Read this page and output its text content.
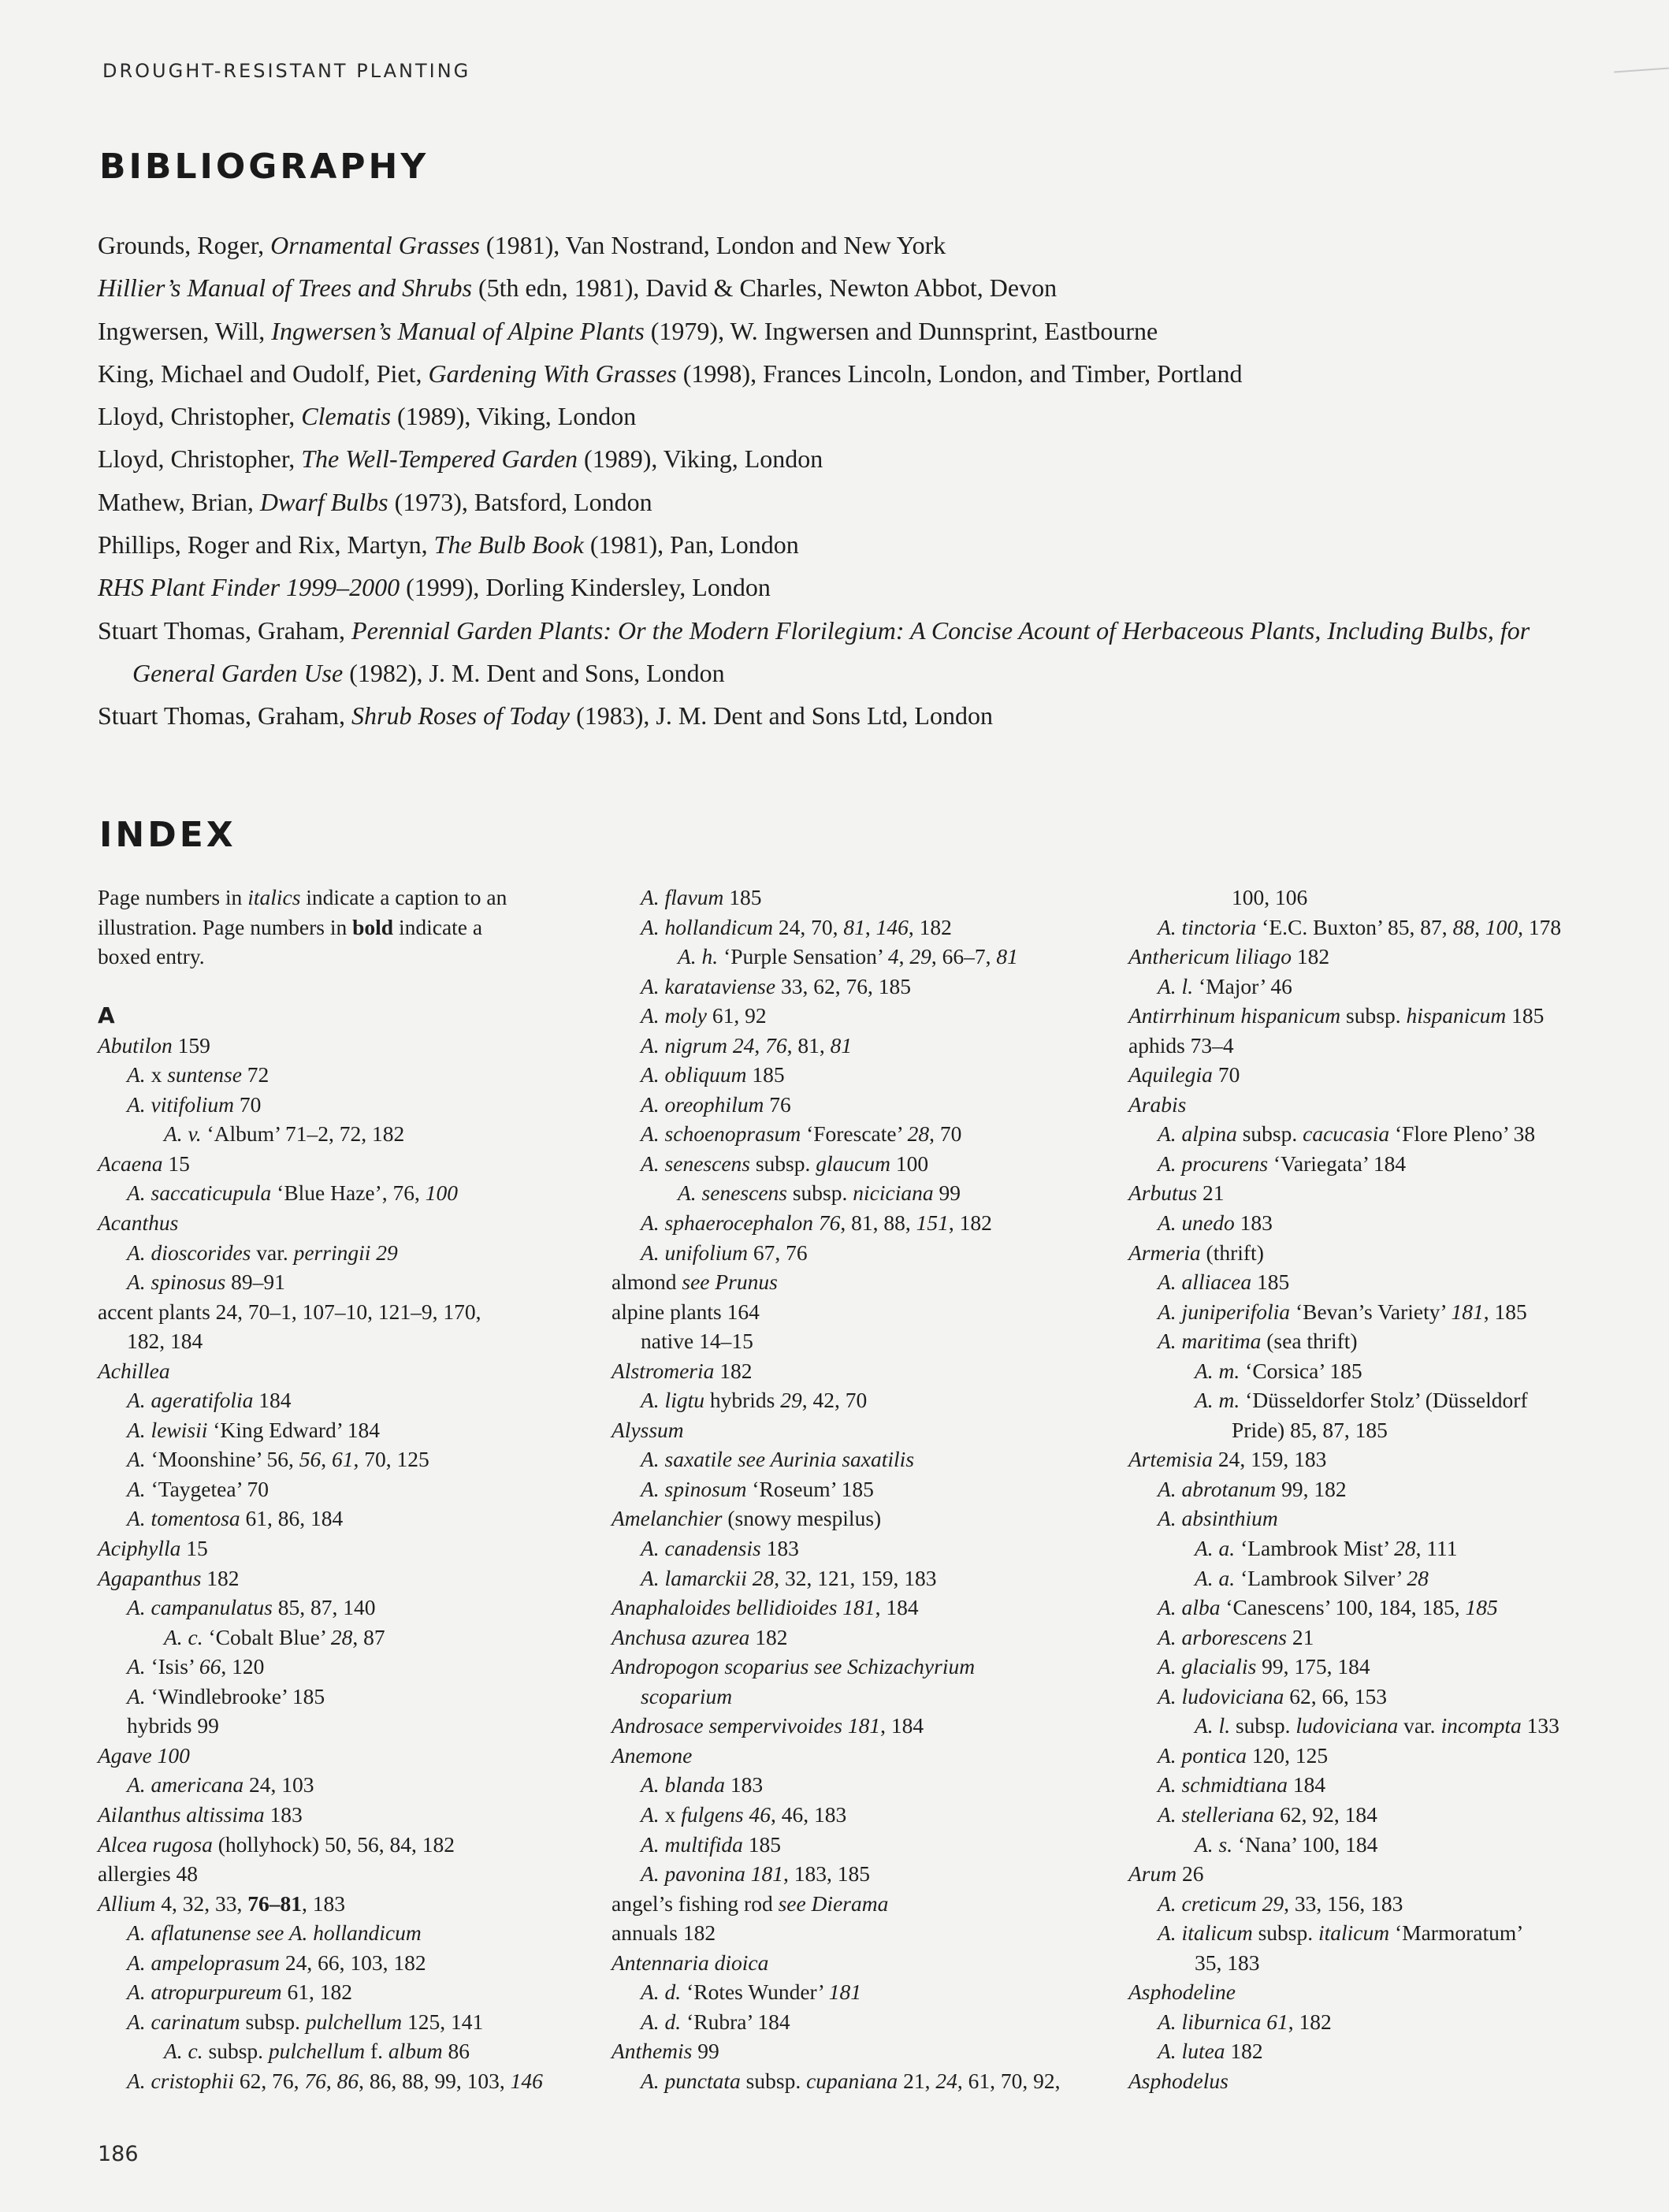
DROUGHT-RESISTANT PLANTING
BIBLIOGRAPHY

Grounds, Roger, Ornamental Grasses (1981), Van Nostrand, London and New York

Hillier’s Manual of Trees and Shrubs (5th edn, 1981), David & Charles, Newton Abbot, Devon

Ingwersen, Will, Ingwersen’s Manual of Alpine Plants (1979), W. Ingwersen and Dunnsprint, Eastbourne

King, Michael and Oudolf, Piet, Gardening With Grasses (1998), Frances Lincoln, London, and Timber, Portland

Lloyd, Christopher, Clematis (1989), Viking, London

Lloyd, Christopher, The Well-Tempered Garden (1989), Viking, London

Mathew, Brian, Dwarf Bulbs (1973), Batsford, London

Phillips, Roger and Rix, Martyn, The Bulb Book (1981), Pan, London

RHS Plant Finder 1999–2000 (1999), Dorling Kindersley, London

Stuart Thomas, Graham, Perennial Garden Plants: Or the Modern Florilegium: A Concise Acount of Herbaceous Plants, Including Bulbs, for General Garden Use (1982), J. M. Dent and Sons, London

Stuart Thomas, Graham, Shrub Roses of Today (1983), J. M. Dent and Sons Ltd, London

INDEX
Page numbers in italics indicate a caption to an
illustration. Page numbers in bold indicate a
boxed entry.
A
Abutilon 159
A. x suntense 72
A. vitifolium 70
A. v. ‘Album’ 71–2, 72, 182
Acaena 15
A. saccaticupula ‘Blue Haze’, 76, 100
Acanthus
A. dioscorides var. perringii 29
A. spinosus 89–91
accent plants 24, 70–1, 107–10, 121–9, 170,
182, 184
Achillea
A. ageratifolia 184
A. lewisii ‘King Edward’ 184
A. ‘Moonshine’ 56, 56, 61, 70, 125
A. ‘Taygetea’ 70
A. tomentosa 61, 86, 184
Aciphylla 15
Agapanthus 182
A. campanulatus 85, 87, 140
A. c. ‘Cobalt Blue’ 28, 87
A. ‘Isis’ 66, 120
A. ‘Windlebrooke’ 185
hybrids 99
Agave 100
A. americana 24, 103
Ailanthus altissima 183
Alcea rugosa (hollyhock) 50, 56, 84, 182
allergies 48
Allium 4, 32, 33, 76–81, 183
A. aflatunense see A. hollandicum
A. ampeloprasum 24, 66, 103, 182
A. atropurpureum 61, 182
A. carinatum subsp. pulchellum 125, 141
A. c. subsp. pulchellum f. album 86
A. cristophii 62, 76, 76, 86, 86, 88, 99, 103, 146
A. flavum 185
A. hollandicum 24, 70, 81, 146, 182
A. h. ‘Purple Sensation’ 4, 29, 66–7, 81
A. karataviense 33, 62, 76, 185
A. moly 61, 92
A. nigrum 24, 76, 81, 81
A. obliquum 185
A. oreophilum 76
A. schoenoprasum ‘Forescate’ 28, 70
A. senescens subsp. glaucum 100
A. senescens subsp. niciciana 99
A. sphaerocephalon 76, 81, 88, 151, 182
A. unifolium 67, 76
almond see Prunus
alpine plants 164
native 14–15
Alstromeria 182
A. ligtu hybrids 29, 42, 70
Alyssum
A. saxatile see Aurinia saxatilis
A. spinosum ‘Roseum’ 185
Amelanchier (snowy mespilus)
A. canadensis 183
A. lamarckii 28, 32, 121, 159, 183
Anaphaloides bellidioides 181, 184
Anchusa azurea 182
Andropogon scoparius see Schizachyrium
scoparium
Androsace sempervivoides 181, 184
Anemone
A. blanda 183
A. x fulgens 46, 46, 183
A. multifida 185
A. pavonina 181, 183, 185
angel’s fishing rod see Dierama
annuals 182
Antennaria dioica
A. d. ‘Rotes Wunder’ 181
A. d. ‘Rubra’ 184
Anthemis 99
A. punctata subsp. cupaniana 21, 24, 61, 70, 92,
100, 106
A. tinctoria ‘E.C. Buxton’ 85, 87, 88, 100, 178
Anthericum liliago 182
A. l. ‘Major’ 46
Antirrhinum hispanicum subsp. hispanicum 185
aphids 73–4
Aquilegia 70
Arabis
A. alpina subsp. cacucasia ‘Flore Pleno’ 38
A. procurens ‘Variegata’ 184
Arbutus 21
A. unedo 183
Armeria (thrift)
A. alliacea 185
A. juniperifolia ‘Bevan’s Variety’ 181, 185
A. maritima (sea thrift)
A. m. ‘Corsica’ 185
A. m. ‘Düsseldorfer Stolz’ (Düsseldorf
Pride) 85, 87, 185
Artemisia 24, 159, 183
A. abrotanum 99, 182
A. absinthium
A. a. ‘Lambrook Mist’ 28, 111
A. a. ‘Lambrook Silver’ 28
A. alba ‘Canescens’ 100, 184, 185, 185
A. arborescens 21
A. glacialis 99, 175, 184
A. ludoviciana 62, 66, 153
A. l. subsp. ludoviciana var. incompta 133
A. pontica 120, 125
A. schmidtiana 184
A. stelleriana 62, 92, 184
A. s. ‘Nana’ 100, 184
Arum 26
A. creticum 29, 33, 156, 183
A. italicum subsp. italicum ‘Marmoratum’
35, 183
Asphodeline
A. liburnica 61, 182
A. lutea 182
Asphodelus
186
